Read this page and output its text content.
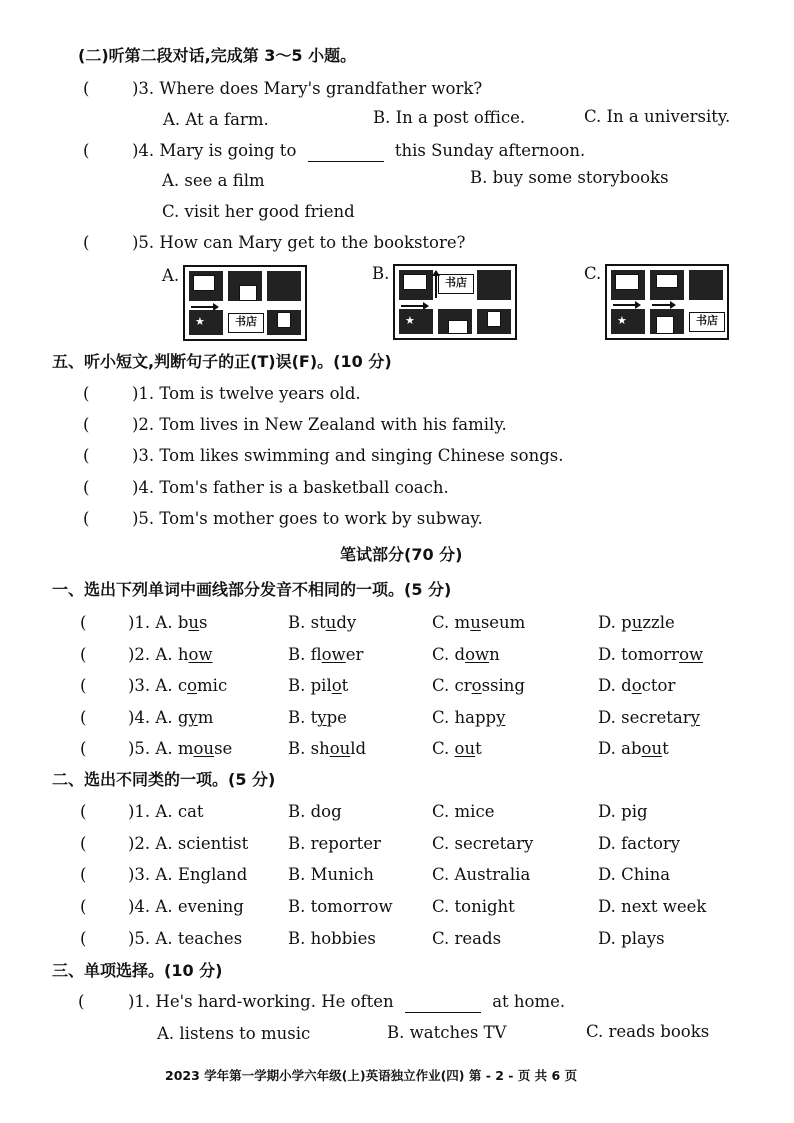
(二)听第二段对话,完成第 3～5 小题。
(	)3. Where does Mary's grandfather work?
A. At a farm.	B. In a post office.	C. In a university.
(	)4. Mary is going to	this Sunday afternoon.
A. see a film	B. buy some storybooks
C. visit her good friend
(	)5. How can Mary get to the bookstore?
A.
★	书店
B.	书店
★
C.
★	书店
五、听小短文,判断句子的正(T)误(F)。(10 分)
(	)1. Tom is twelve years old.
(	)2. Tom lives in New Zealand with his family.
(	)3. Tom likes swimming and singing Chinese songs.
(	)4. Tom's father is a basketball coach.
(	)5. Tom's mother goes to work by subway.
笔试部分(70 分)
一、选出下列单词中画线部分发音不相同的一项。(5 分)
(	)1. A. bus	B. study	C. museum	D. puzzle
(	)2. A. how	B. flower	C. down	D. tomorrow
(	)3. A. comic	B. pilot	C. crossing	D. doctor
(	)4. A. gym	B. type	C. happy	D. secretary
(	)5. A. mouse	B. should	C. out	D. about
二、选出不同类的一项。(5 分)
(	)1. A. cat	B. dog	C. mice	D. pig
(	)2. A. scientist B. reporter	C. secretary	D. factory
(	)3. A. England B. Munich	C. Australia	D. China
(	)4. A. evening	B. tomorrow C. tonight	D. next week
(	)5. A. teaches	B. hobbies	C. reads	D. plays
三、单项选择。(10 分)
(	)1. He's hard-working. He often	at home.
A. listens to music	B. watches TV	C. reads books
2023 学年第一学期小学六年级(上)英语独立作业(四) 第 - 2 - 页 共 6 页
